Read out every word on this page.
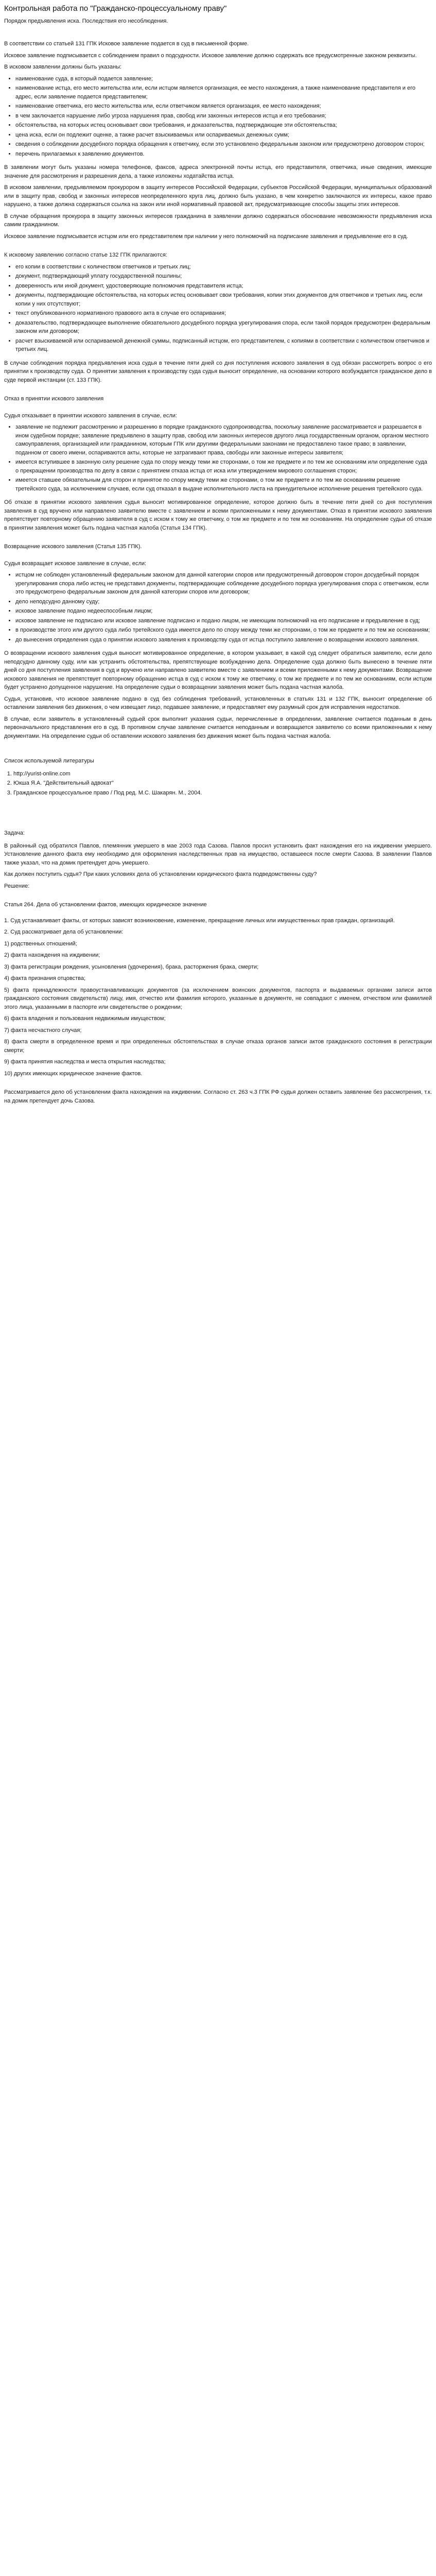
Контрольная работа по "Гражданско-процессуальному праву"
Порядок предъявления иска. Последствия его несоблюдения.

В соответствии со статьей 131 ГПК Исковое заявление подается в суд в письменной форме.

Исковое заявление подписывается с соблюдением правил о подсудности. Исковое заявление должно содержать все предусмотренные законом реквизиты.

В исковом заявлении должны быть указаны:

• наименование суда, в который подается заявление;
• наименование истца, его место жительства или, если истцом является организация, ее место нахождения, а также наименование представителя и его адрес, если заявление подается представителем;
• наименование ответчика, его место жительства или, если ответчиком является организация, ее место нахождения;
• в чем заключается нарушение либо угроза нарушения прав, свобод или законных интересов истца и его требования;
• обстоятельства, на которых истец основывает свои требования, и доказательства, подтверждающие эти обстоятельства;
• цена иска, если он подлежит оценке, а также расчет взыскиваемых или оспариваемых денежных сумм;
• сведения о соблюдении досудебного порядка обращения к ответчику, если это установлено федеральным законом или предусмотрено договором сторон;
• перечень прилагаемых к заявлению документов.

В заявлении могут быть указаны номера телефонов, факсов, адреса электронной почты истца, его представителя, ответчика, иные сведения, имеющие значение для рассмотрения и разрешения дела, а также изложены ходатайства истца.

В исковом заявлении, предъявляемом прокурором в защиту интересов Российской Федерации, субъектов Российской Федерации, муниципальных образований или в защиту прав, свобод и законных интересов неопределенного круга лиц, должно быть указано, в чем конкретно заключаются их интересы, какое право нарушено, а также должна содержаться ссылка на закон или иной нормативный правовой акт, предусматривающие способы защиты этих интересов.

В случае обращения прокурора в защиту законных интересов гражданина в заявлении должно содержаться обоснование невозможности предъявления иска самим гражданином.

Исковое заявление подписывается истцом или его представителем при наличии у него полномочий на подписание заявления и предъявление его в суд.

К исковому заявлению согласно статье 132 ГПК прилагаются:

• его копии в соответствии с количеством ответчиков и третьих лиц;
• документ, подтверждающий уплату государственной пошлины;
• доверенность или иной документ, удостоверяющие полномочия представителя истца;
• документы, подтверждающие обстоятельства, на которых истец основывает свои требования, копии этих документов для ответчиков и третьих лиц, если копии у них отсутствуют;
• текст опубликованного нормативного правового акта в случае его оспаривания;
• доказательство, подтверждающее выполнение обязательного досудебного порядка урегулирования спора, если такой порядок предусмотрен федеральным законом или договором;
• расчет взыскиваемой или оспариваемой денежной суммы, подписанный истцом, его представителем, с копиями в соответствии с количеством ответчиков и третьих лиц.

В случае соблюдения порядка предъявления иска судья в течение пяти дней со дня поступления искового заявления в суд обязан рассмотреть вопрос о его принятии к производству суда. О принятии заявления к производству суда судья выносит определение, на основании которого возбуждается гражданское дело в суде первой инстанции (ст. 133 ГПК).

Отказ в принятии искового заявления

Судья отказывает в принятии искового заявления в случае, если:

• заявление не подлежит рассмотрению и разрешению в порядке гражданского судопроизводства, поскольку заявление рассматривается и разрешается в ином судебном порядке; заявление предъявлено в защиту прав, свобод или законных интересов другого лица государственным органом, органом местного самоуправления, организацией или гражданином, которым ГПК или другими федеральными законами не предоставлено такое право; в заявлении, поданном от своего имени, оспариваются акты, которые не затрагивают права, свободы или законные интересы заявителя;
• имеется вступившее в законную силу решение суда по спору между теми же сторонами, о том же предмете и по тем же основаниям или определение суда о прекращении производства по делу в связи с принятием отказа истца от иска или утверждением мирового соглашения сторон;
• имеется ставшее обязательным для сторон и принятое по спору между теми же сторонами, о том же предмете и по тем же основаниям решение третейского суда, за исключением случаев, если суд отказал в выдаче исполнительного листа на принудительное исполнение решения третейского суда.

Об отказе в принятии искового заявления судья выносит мотивированное определение, которое должно быть в течение пяти дней со дня поступления заявления в суд вручено или направлено заявителю вместе с заявлением и всеми приложенными к нему документами. Отказ в принятии искового заявления препятствует повторному обращению заявителя в суд с иском к тому же ответчику, о том же предмете и по тем же основаниям. На определение судьи об отказе в принятии заявления может быть подана частная жалоба (Статья 134 ГПК).

Возвращение искового заявления (Статья 135 ГПК).

Судья возвращает исковое заявление в случае, если:

• истцом не соблюден установленный федеральным законом для данной категории споров или предусмотренный договором сторон досудебный порядок урегулирования спора либо истец не представил документы, подтверждающие соблюдение досудебного порядка урегулирования спора с ответчиком, если это предусмотрено федеральным законом для данной категории споров или договором;
• дело неподсудно данному суду;
• исковое заявление подано недееспособным лицом;
• исковое заявление не подписано или исковое заявление подписано и подано лицом, не имеющим полномочий на его подписание и предъявление в суд;
• в производстве этого или другого суда либо третейского суда имеется дело по спору между теми же сторонами, о том же предмете и по тем же основаниям;
• до вынесения определения суда о принятии искового заявления к производству суда от истца поступило заявление о возвращении искового заявления.

О возвращении искового заявления судья выносит мотивированное определение, в котором указывает, в какой суд следует обратиться заявителю, если дело неподсудно данному суду, или как устранить обстоятельства, препятствующие возбуждению дела. Определение суда должно быть вынесено в течение пяти дней со дня поступления заявления в суд и вручено или направлено заявителю вместе с заявлением и всеми приложенными к нему документами. Возвращение искового заявления не препятствует повторному обращению истца в суд с иском к тому же ответчику, о том же предмете и по тем же основаниям, если истцом будет устранено допущенное нарушение. На определение судьи о возвращении заявления может быть подана частная жалоба.

Судья, установив, что исковое заявление подано в суд без соблюдения требований, установленных в статьях 131 и 132 ГПК, выносит определение об оставлении заявления без движения, о чем извещает лицо, подавшее заявление, и предоставляет ему разумный срок для исправления недостатков.

В случае, если заявитель в установленный судьей срок выполнит указания судьи, перечисленные в определении, заявление считается поданным в день первоначального представления его в суд. В противном случае заявление считается неподанным и возвращается заявителю со всеми приложенными к нему документами. На определение судьи об оставлении искового заявления без движения может быть подана частная жалоба.

Список используемой литературы

1. http://yurist-online.com
2. Юкша Я.А. "Действительный адвокат"
3. Гражданское процессуальное право / Под ред. М.С. Шакарян. М., 2004.

Задача:

В районный суд обратился Павлов, племянник умершего в мае 2003 года Сазова. Павлов просил установить факт нахождения его на иждивении умершего. Установление данного факта ему необходимо для оформления наследственных прав на имущество, оставшееся после смерти Сазова. В заявлении Павлов также указал, что на домик претендует дочь умершего.

Как должен поступить судья? При каких условиях дела об установлении юридического факта подведомственны суду?

Решение:

Статья 264. Дела об установлении фактов, имеющих юридическое значение

1. Суд устанавливает факты, от которых зависят возникновение, изменение, прекращение личных или имущественных прав граждан, организаций.

2. Суд рассматривает дела об установлении:

1) родственных отношений;

2) факта нахождения на иждивении;

3) факта регистрации рождения, усыновления (удочерения), брака, расторжения брака, смерти;

4) факта признания отцовства;

5) факта принадлежности правоустанавливающих документов (за исключением воинских документов, паспорта и выдаваемых органами записи актов гражданского состояния свидетельств) лицу, имя, отчество или фамилия которого, указанные в документе, не совпадают с именем, отчеством или фамилией этого лица, указанными в паспорте или свидетельстве о рождении;

6) факта владения и пользования недвижимым имуществом;

7) факта несчастного случая;

8) факта смерти в определенное время и при определенных обстоятельствах в случае отказа органов записи актов гражданского состояния в регистрации смерти;

9) факта принятия наследства и места открытия наследства;

10) других имеющих юридическое значение фактов.

Рассматривается дело об установлении факта нахождения на иждивении. Согласно ст. 263 ч.3 ГПК РФ судья должен оставить заявление без рассмотрения, т.к. на домик претендует дочь Сазова.
